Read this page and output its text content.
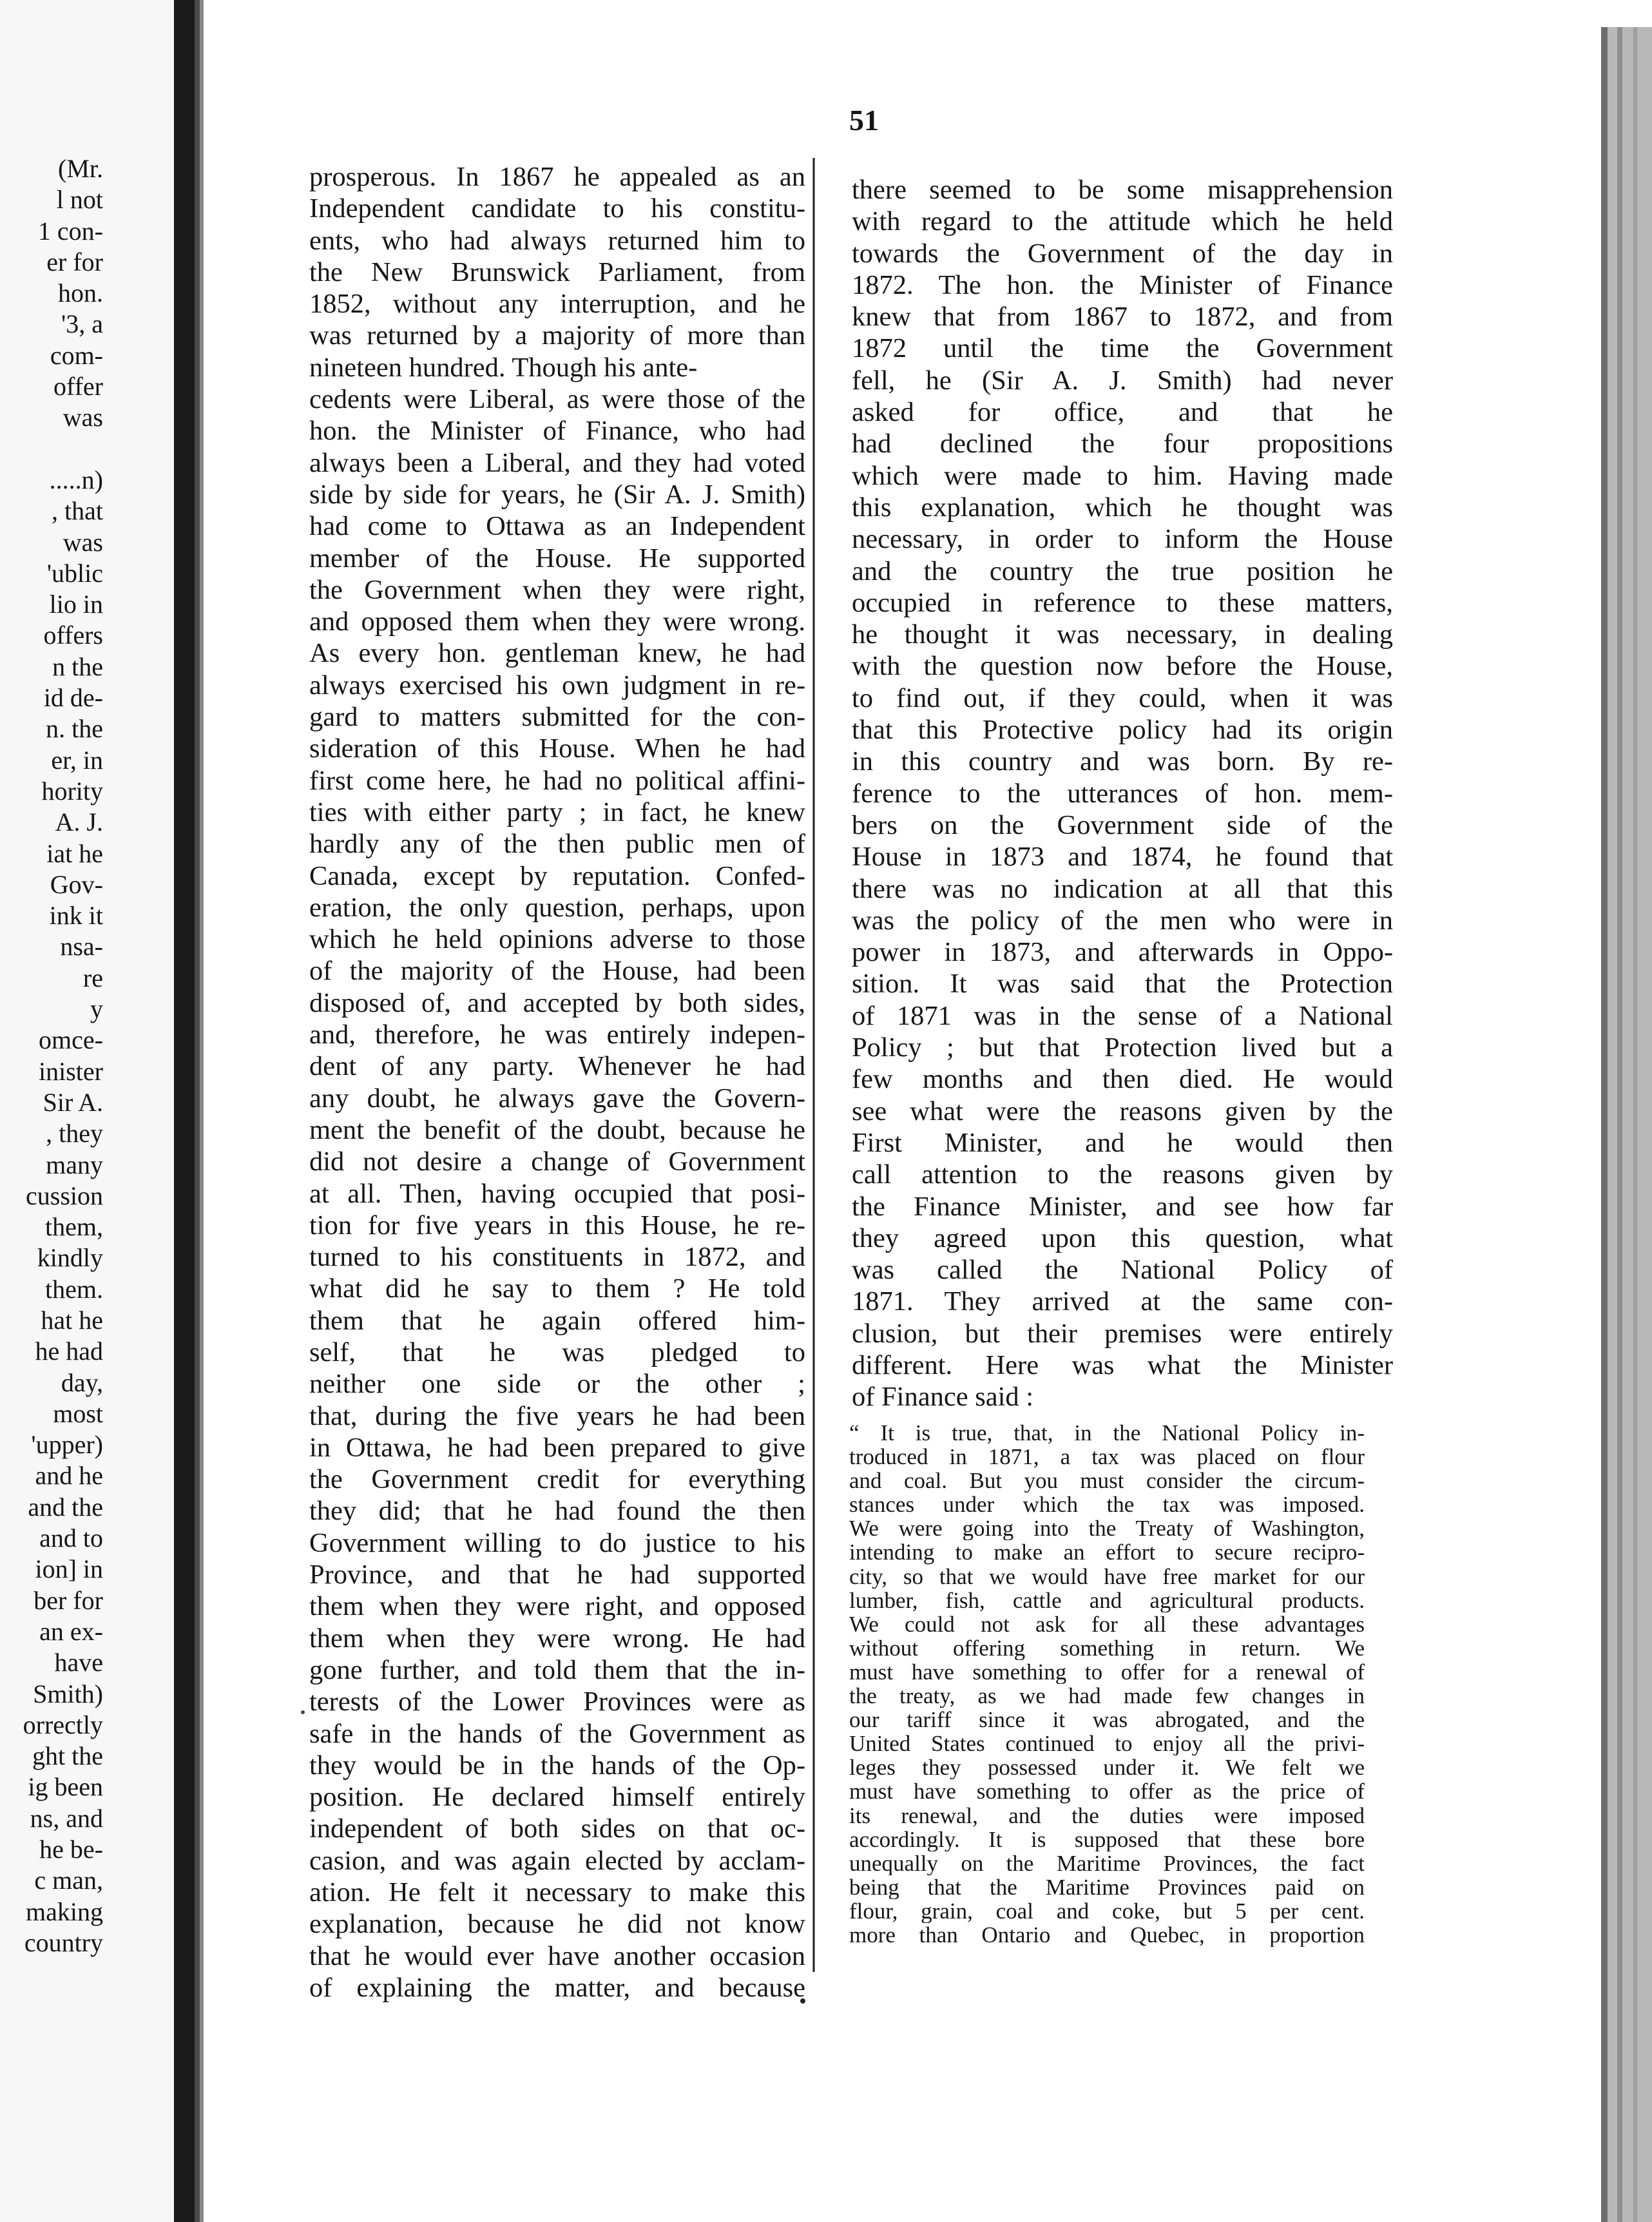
51
(Mr.
l not
1 con-
er for
hon.
'3, a
com-
offer
was
.....n)
, that
was
'ublic
lio in
offers
n the
id de-
n. the
er, in
hority
A. J.
iat he
Gov-
ink it
nsa-
re
y
omce-
inister
Sir A.
, they
many
cussion
them,
kindly
them.
hat he
he had
day,
most
'upper)
and he
and the
and to
ion] in
ber for
an ex-
have
Smith)
orrectly
ght the
ig been
ns, and
he be-
c man,
making
country
prosperous. In 1867 he appealed as an
Independent candidate to his constitu-
ents, who had always returned him to
the New Brunswick Parliament, from
1852, without any interruption, and he
was returned by a majority of more than
nineteen hundred. Though his ante-
cedents were Liberal, as were those of the
hon. the Minister of Finance, who had
always been a Liberal, and they had voted
side by side for years, he (Sir A. J. Smith)
had come to Ottawa as an Independent
member of the House. He supported
the Government when they were right,
and opposed them when they were wrong.
As every hon. gentleman knew, he had
always exercised his own judgment in re-
gard to matters submitted for the con-
sideration of this House. When he had
first come here, he had no political affini-
ties with either party ; in fact, he knew
hardly any of the then public men of
Canada, except by reputation. Confed-
eration, the only question, perhaps, upon
which he held opinions adverse to those
of the majority of the House, had been
disposed of, and accepted by both sides,
and, therefore, he was entirely indepen-
dent of any party. Whenever he had
any doubt, he always gave the Govern-
ment the benefit of the doubt, because he
did not desire a change of Government
at all. Then, having occupied that posi-
tion for five years in this House, he re-
turned to his constituents in 1872, and
what did he say to them ? He told
them that he again offered him-
self, that he was pledged to
neither one side or the other ;
that, during the five years he had been
in Ottawa, he had been prepared to give
the Government credit for everything
they did; that he had found the then
Government willing to do justice to his
Province, and that he had supported
them when they were right, and opposed
them when they were wrong. He had
gone further, and told them that the in-
terests of the Lower Provinces were as
safe in the hands of the Government as
they would be in the hands of the Op-
position. He declared himself entirely
independent of both sides on that oc-
casion, and was again elected by acclam-
ation. He felt it necessary to make this
explanation, because he did not know
that he would ever have another occasion
of explaining the matter, and because
there seemed to be some misapprehension
with regard to the attitude which he held
towards the Government of the day in
1872. The hon. the Minister of Finance
knew that from 1867 to 1872, and from
1872 until the time the Government
fell, he (Sir A. J. Smith) had never
asked for office, and that he
had declined the four propositions
which were made to him. Having made
this explanation, which he thought was
necessary, in order to inform the House
and the country the true position he
occupied in reference to these matters,
he thought it was necessary, in dealing
with the question now before the House,
to find out, if they could, when it was
that this Protective policy had its origin
in this country and was born. By re-
ference to the utterances of hon. mem-
bers on the Government side of the
House in 1873 and 1874, he found that
there was no indication at all that this
was the policy of the men who were in
power in 1873, and afterwards in Oppo-
sition. It was said that the Protection
of 1871 was in the sense of a National
Policy ; but that Protection lived but a
few months and then died. He would
see what were the reasons given by the
First Minister, and he would then
call attention to the reasons given by
the Finance Minister, and see how far
they agreed upon this question, what
was called the National Policy of
1871. They arrived at the same con-
clusion, but their premises were entirely
different. Here was what the Minister
of Finance said :
“ It is true, that, in the National Policy in-
troduced in 1871, a tax was placed on flour
and coal. But you must consider the circum-
stances under which the tax was imposed.
We were going into the Treaty of Washington,
intending to make an effort to secure recipro-
city, so that we would have free market for our
lumber, fish, cattle and agricultural products.
We could not ask for all these advantages
without offering something in return. We
must have something to offer for a renewal of
the treaty, as we had made few changes in
our tariff since it was abrogated, and the
United States continued to enjoy all the privi-
leges they possessed under it. We felt we
must have something to offer as the price of
its renewal, and the duties were imposed
accordingly. It is supposed that these bore
unequally on the Maritime Provinces, the fact
being that the Maritime Provinces paid on
flour, grain, coal and coke, but 5 per cent.
more than Ontario and Quebec, in proportion
